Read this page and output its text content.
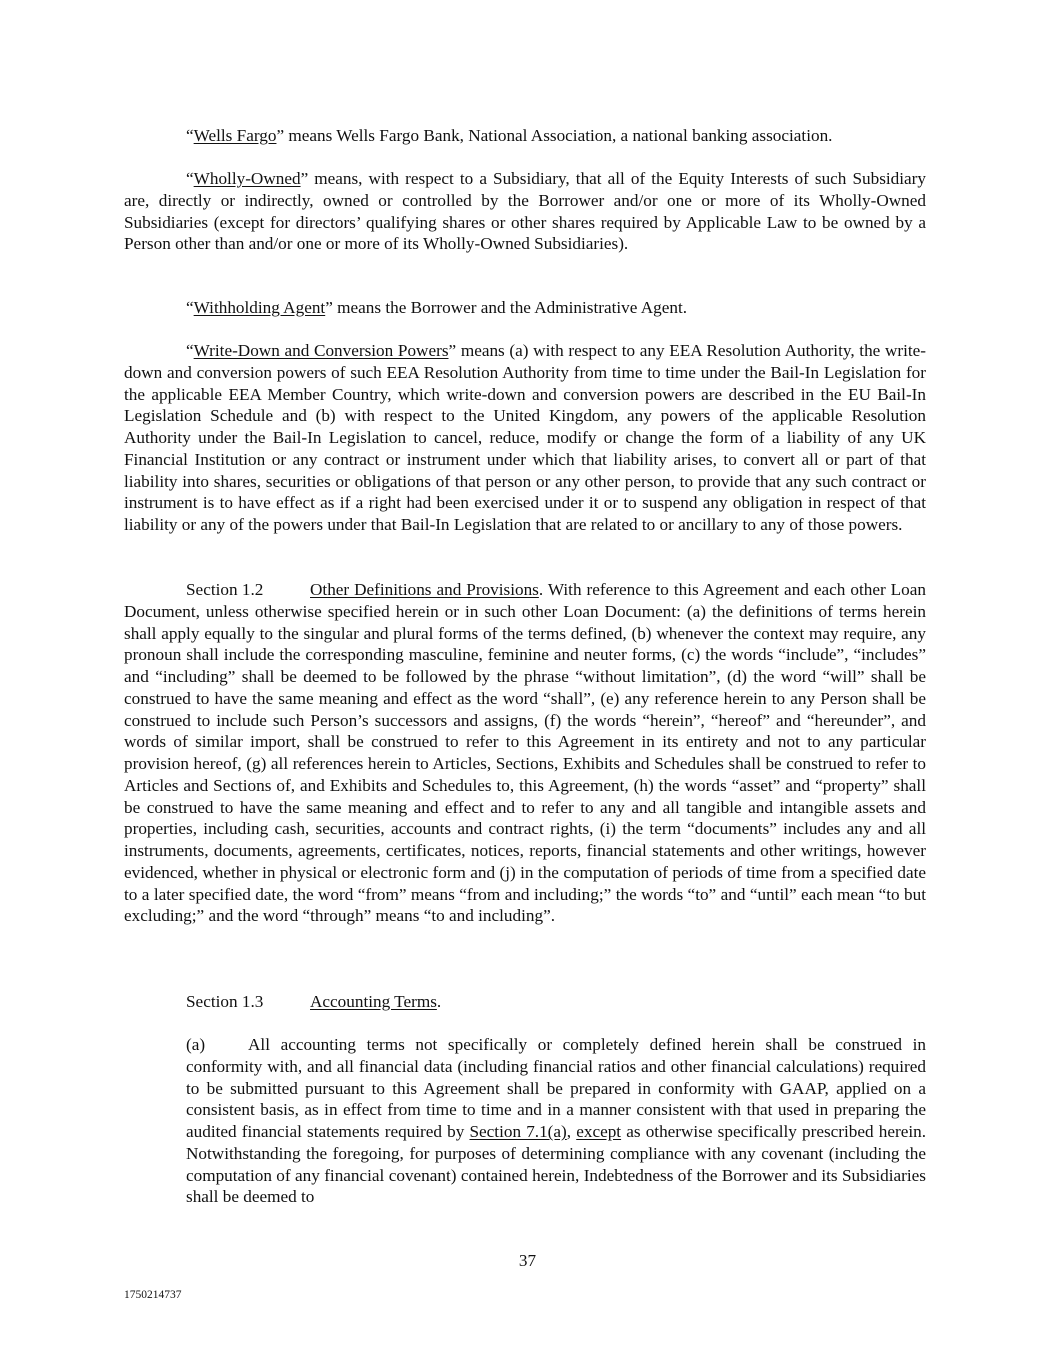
“Wells Fargo” means Wells Fargo Bank, National Association, a national banking association.

“Wholly-Owned” means, with respect to a Subsidiary, that all of the Equity Interests of such Subsidiary are, directly or indirectly, owned or controlled by the Borrower and/or one or more of its Wholly-Owned Subsidiaries (except for directors’ qualifying shares or other shares required by Applicable Law to be owned by a Person other than and/or one or more of its Wholly-Owned Subsidiaries).

“Withholding Agent” means the Borrower and the Administrative Agent.

“Write-Down and Conversion Powers” means (a) with respect to any EEA Resolution Authority, the write-down and conversion powers of such EEA Resolution Authority from time to time under the Bail-In Legislation for the applicable EEA Member Country, which write-down and conversion powers are described in the EU Bail-In Legislation Schedule and (b) with respect to the United Kingdom, any powers of the applicable Resolution Authority under the Bail-In Legislation to cancel, reduce, modify or change the form of a liability of any UK Financial Institution or any contract or instrument under which that liability arises, to convert all or part of that liability into shares, securities or obligations of that person or any other person, to provide that any such contract or instrument is to have effect as if a right had been exercised under it or to suspend any obligation in respect of that liability or any of the powers under that Bail-In Legislation that are related to or ancillary to any of those powers.

Section 1.2	Other Definitions and Provisions. With reference to this Agreement and each other Loan Document, unless otherwise specified herein or in such other Loan Document: (a) the definitions of terms herein shall apply equally to the singular and plural forms of the terms defined, (b) whenever the context may require, any pronoun shall include the corresponding masculine, feminine and neuter forms, (c) the words “include”, “includes” and “including” shall be deemed to be followed by the phrase “without limitation”, (d) the word “will” shall be construed to have the same meaning and effect as the word “shall”, (e) any reference herein to any Person shall be construed to include such Person’s successors and assigns, (f) the words “herein”, “hereof” and “hereunder”, and words of similar import, shall be construed to refer to this Agreement in its entirety and not to any particular provision hereof, (g) all references herein to Articles, Sections, Exhibits and Schedules shall be construed to refer to Articles and Sections of, and Exhibits and Schedules to, this Agreement, (h) the words “asset” and “property” shall be construed to have the same meaning and effect and to refer to any and all tangible and intangible assets and properties, including cash, securities, accounts and contract rights, (i) the term “documents” includes any and all instruments, documents, agreements, certificates, notices, reports, financial statements and other writings, however evidenced, whether in physical or electronic form and (j) in the computation of periods of time from a specified date to a later specified date, the word “from” means “from and including;” the words “to” and “until” each mean “to but excluding;” and the word “through” means “to and including”.

Section 1.3	Accounting Terms.

(a) All accounting terms not specifically or completely defined herein shall be construed in conformity with, and all financial data (including financial ratios and other financial calculations) required to be submitted pursuant to this Agreement shall be prepared in conformity with GAAP, applied on a consistent basis, as in effect from time to time and in a manner consistent with that used in preparing the audited financial statements required by Section 7.1(a), except as otherwise specifically prescribed herein. Notwithstanding the foregoing, for purposes of determining compliance with any covenant (including the computation of any financial covenant) contained herein, Indebtedness of the Borrower and its Subsidiaries shall be deemed to

37
1750214737
